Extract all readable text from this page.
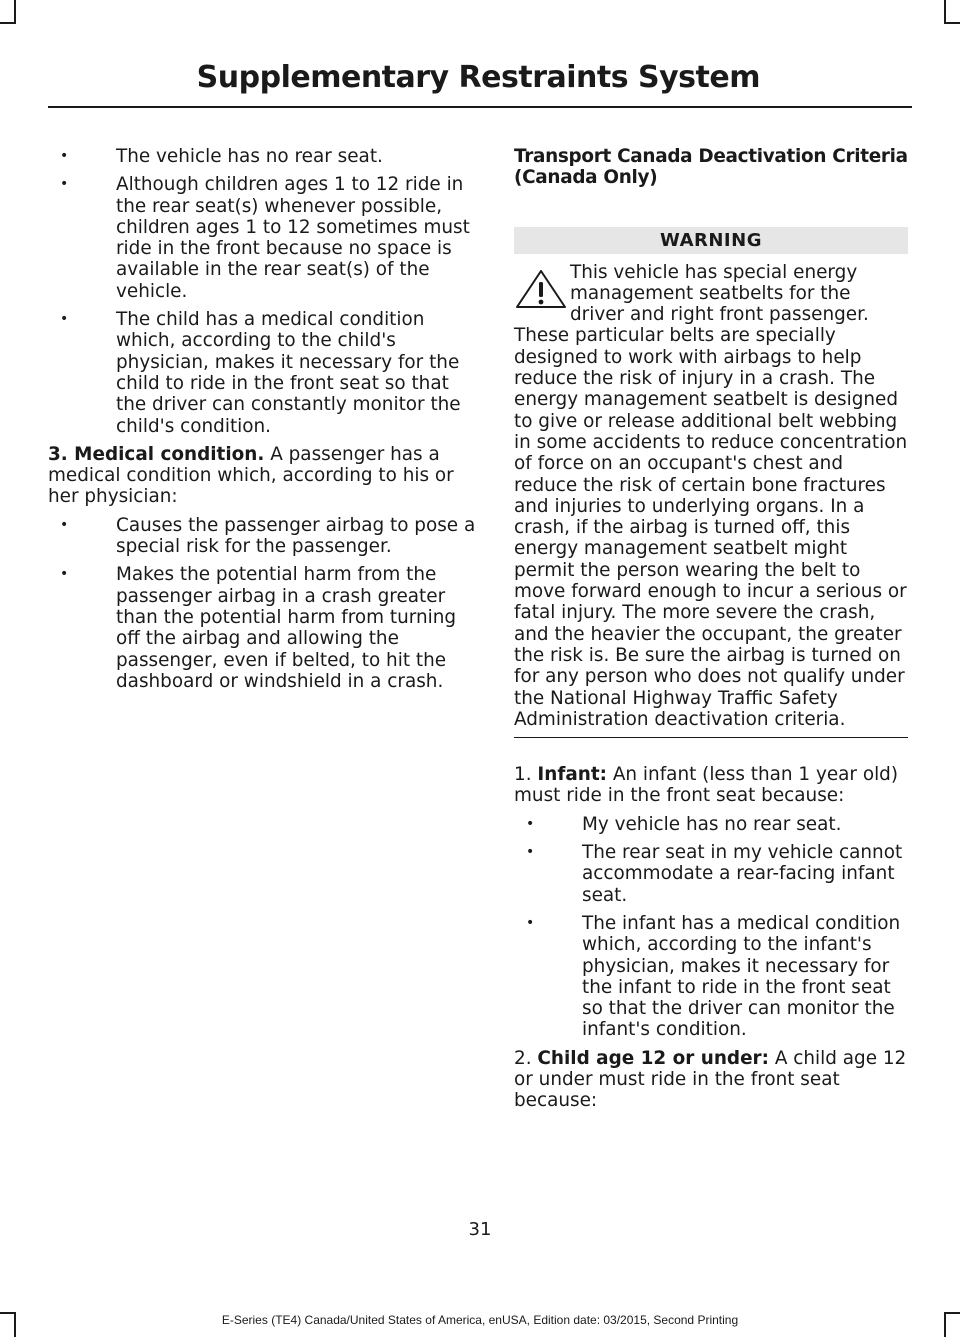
Supplementary Restraints System
• The vehicle has no rear seat.
• Although children ages 1 to 12 ride in the rear seat(s) whenever possible, children ages 1 to 12 sometimes must ride in the front because no space is available in the rear seat(s) of the vehicle.
• The child has a medical condition which, according to the child's physician, makes it necessary for the child to ride in the front seat so that the driver can constantly monitor the child's condition.

3. Medical condition. A passenger has a medical condition which, according to his or her physician:

• Causes the passenger airbag to pose a special risk for the passenger.
• Makes the potential harm from the passenger airbag in a crash greater than the potential harm from turning off the airbag and allowing the passenger, even if belted, to hit the dashboard or windshield in a crash.
Transport Canada Deactivation Criteria (Canada Only)
WARNING
This vehicle has special energy management seatbelts for the driver and right front passenger. These particular belts are specially designed to work with airbags to help reduce the risk of injury in a crash. The energy management seatbelt is designed to give or release additional belt webbing in some accidents to reduce concentration of force on an occupant's chest and reduce the risk of certain bone fractures and injuries to underlying organs. In a crash, if the airbag is turned off, this energy management seatbelt might permit the person wearing the belt to move forward enough to incur a serious or fatal injury. The more severe the crash, and the heavier the occupant, the greater the risk is. Be sure the airbag is turned on for any person who does not qualify under the National Highway Traffic Safety Administration deactivation criteria.

1. Infant: An infant (less than 1 year old) must ride in the front seat because:

• My vehicle has no rear seat.
• The rear seat in my vehicle cannot accommodate a rear-facing infant seat.
• The infant has a medical condition which, according to the infant's physician, makes it necessary for the infant to ride in the front seat so that the driver can monitor the infant's condition.

2. Child age 12 or under: A child age 12 or under must ride in the front seat because:

31
E-Series (TE4) Canada/United States of America, enUSA, Edition date: 03/2015, Second Printing
